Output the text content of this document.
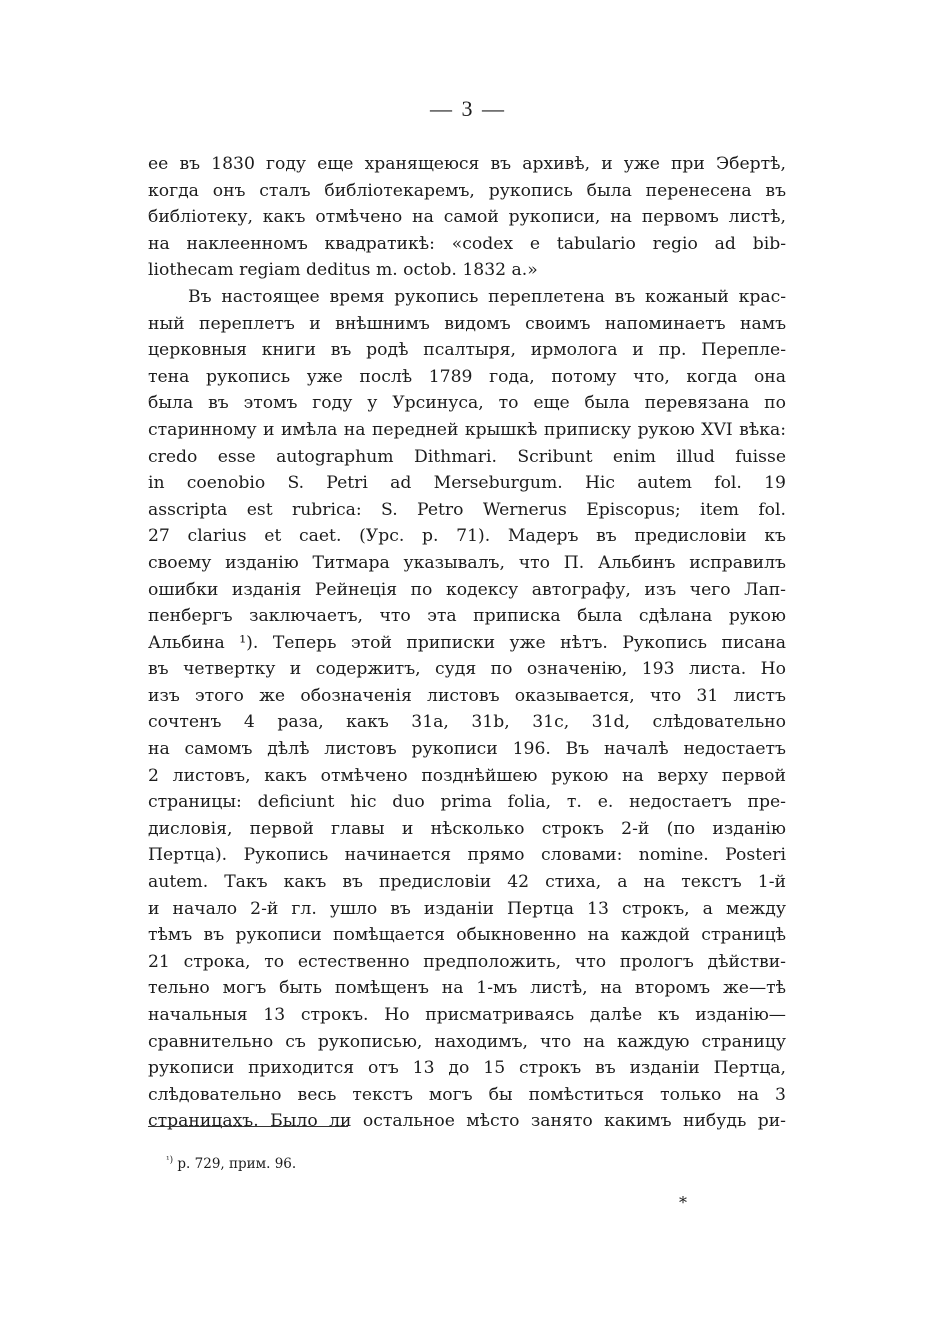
— 3 —
ее въ 1830 году еще хранящеюся въ архивѣ, и уже при Эбертѣ,
когда онъ сталъ библіотекаремъ, рукопись была перенесена въ
библіотеку, какъ отмѣчено на самой рукописи, на первомъ листѣ,
на наклеенномъ квадратикѣ: «codex e tabulario regio ad bib-
liothecam regiam deditus m. octob. 1832 a.»
Въ настоящее время рукопись переплетена въ кожаный крас-
ный переплетъ и внѣшнимъ видомъ своимъ напоминаетъ намъ
церковныя книги въ родѣ псалтыря, ирмолога и пр. Перепле-
тена рукопись уже послѣ 1789 года, потому что, когда она
была въ этомъ году у Урсинуса, то еще была перевязана по
старинному и имѣла на передней крышкѣ приписку рукою XVI вѣка:
credo esse autographum Dithmari. Scribunt enim illud fuisse
in coenobio S. Petri ad Merseburgum. Hic autem fol. 19
asscripta est rubrica: S. Petro Wernerus Episcopus; item fol.
27 clarius et caet. (Урс. p. 71). Мадеръ въ предисловіи къ
своему изданію Титмара указывалъ, что П. Альбинъ исправилъ
ошибки изданія Рейнеція по кодексу автографу, изъ чего Лап-
пенбергъ заключаетъ, что эта приписка была сдѣлана рукою
Альбина ¹). Теперь этой приписки уже нѣтъ. Рукопись писана
въ четвертку и содержитъ, судя по означенію, 193 листа. Но
изъ этого же обозначенія листовъ оказывается, что 31 листъ
сочтенъ 4 раза, какъ 31a, 31b, 31c, 31d, слѣдовательно
на самомъ дѣлѣ листовъ рукописи 196. Въ началѣ недостаетъ
2 листовъ, какъ отмѣчено позднѣйшею рукою на верху первой
страницы: deficiunt hic duo prima folia, т. е. недостаетъ пре-
дисловія, первой главы и нѣсколько строкъ 2-й (по изданію
Пертца). Рукопись начинается прямо словами: nomine. Posteri
autem. Такъ какъ въ предисловіи 42 стиха, а на текстъ 1-й
и начало 2-й гл. ушло въ изданіи Пертца 13 строкъ, а между
тѣмъ въ рукописи помѣщается обыкновенно на каждой страницѣ
21 строка, то естественно предположить, что прологъ дѣйстви-
тельно могъ быть помѣщенъ на 1-мъ листѣ, на второмъ же—тѣ
начальныя 13 строкъ. Но присматриваясь далѣе къ изданію—
сравнительно съ рукописью, находимъ, что на каждую страницу
рукописи приходится отъ 13 до 15 строкъ въ изданіи Пертца,
слѣдовательно весь текстъ могъ бы помѣститься только на 3
страницахъ. Было ли остальное мѣсто занято какимъ нибудь ри-
$^{^1)}$ p. 729, прим. 96.
*
